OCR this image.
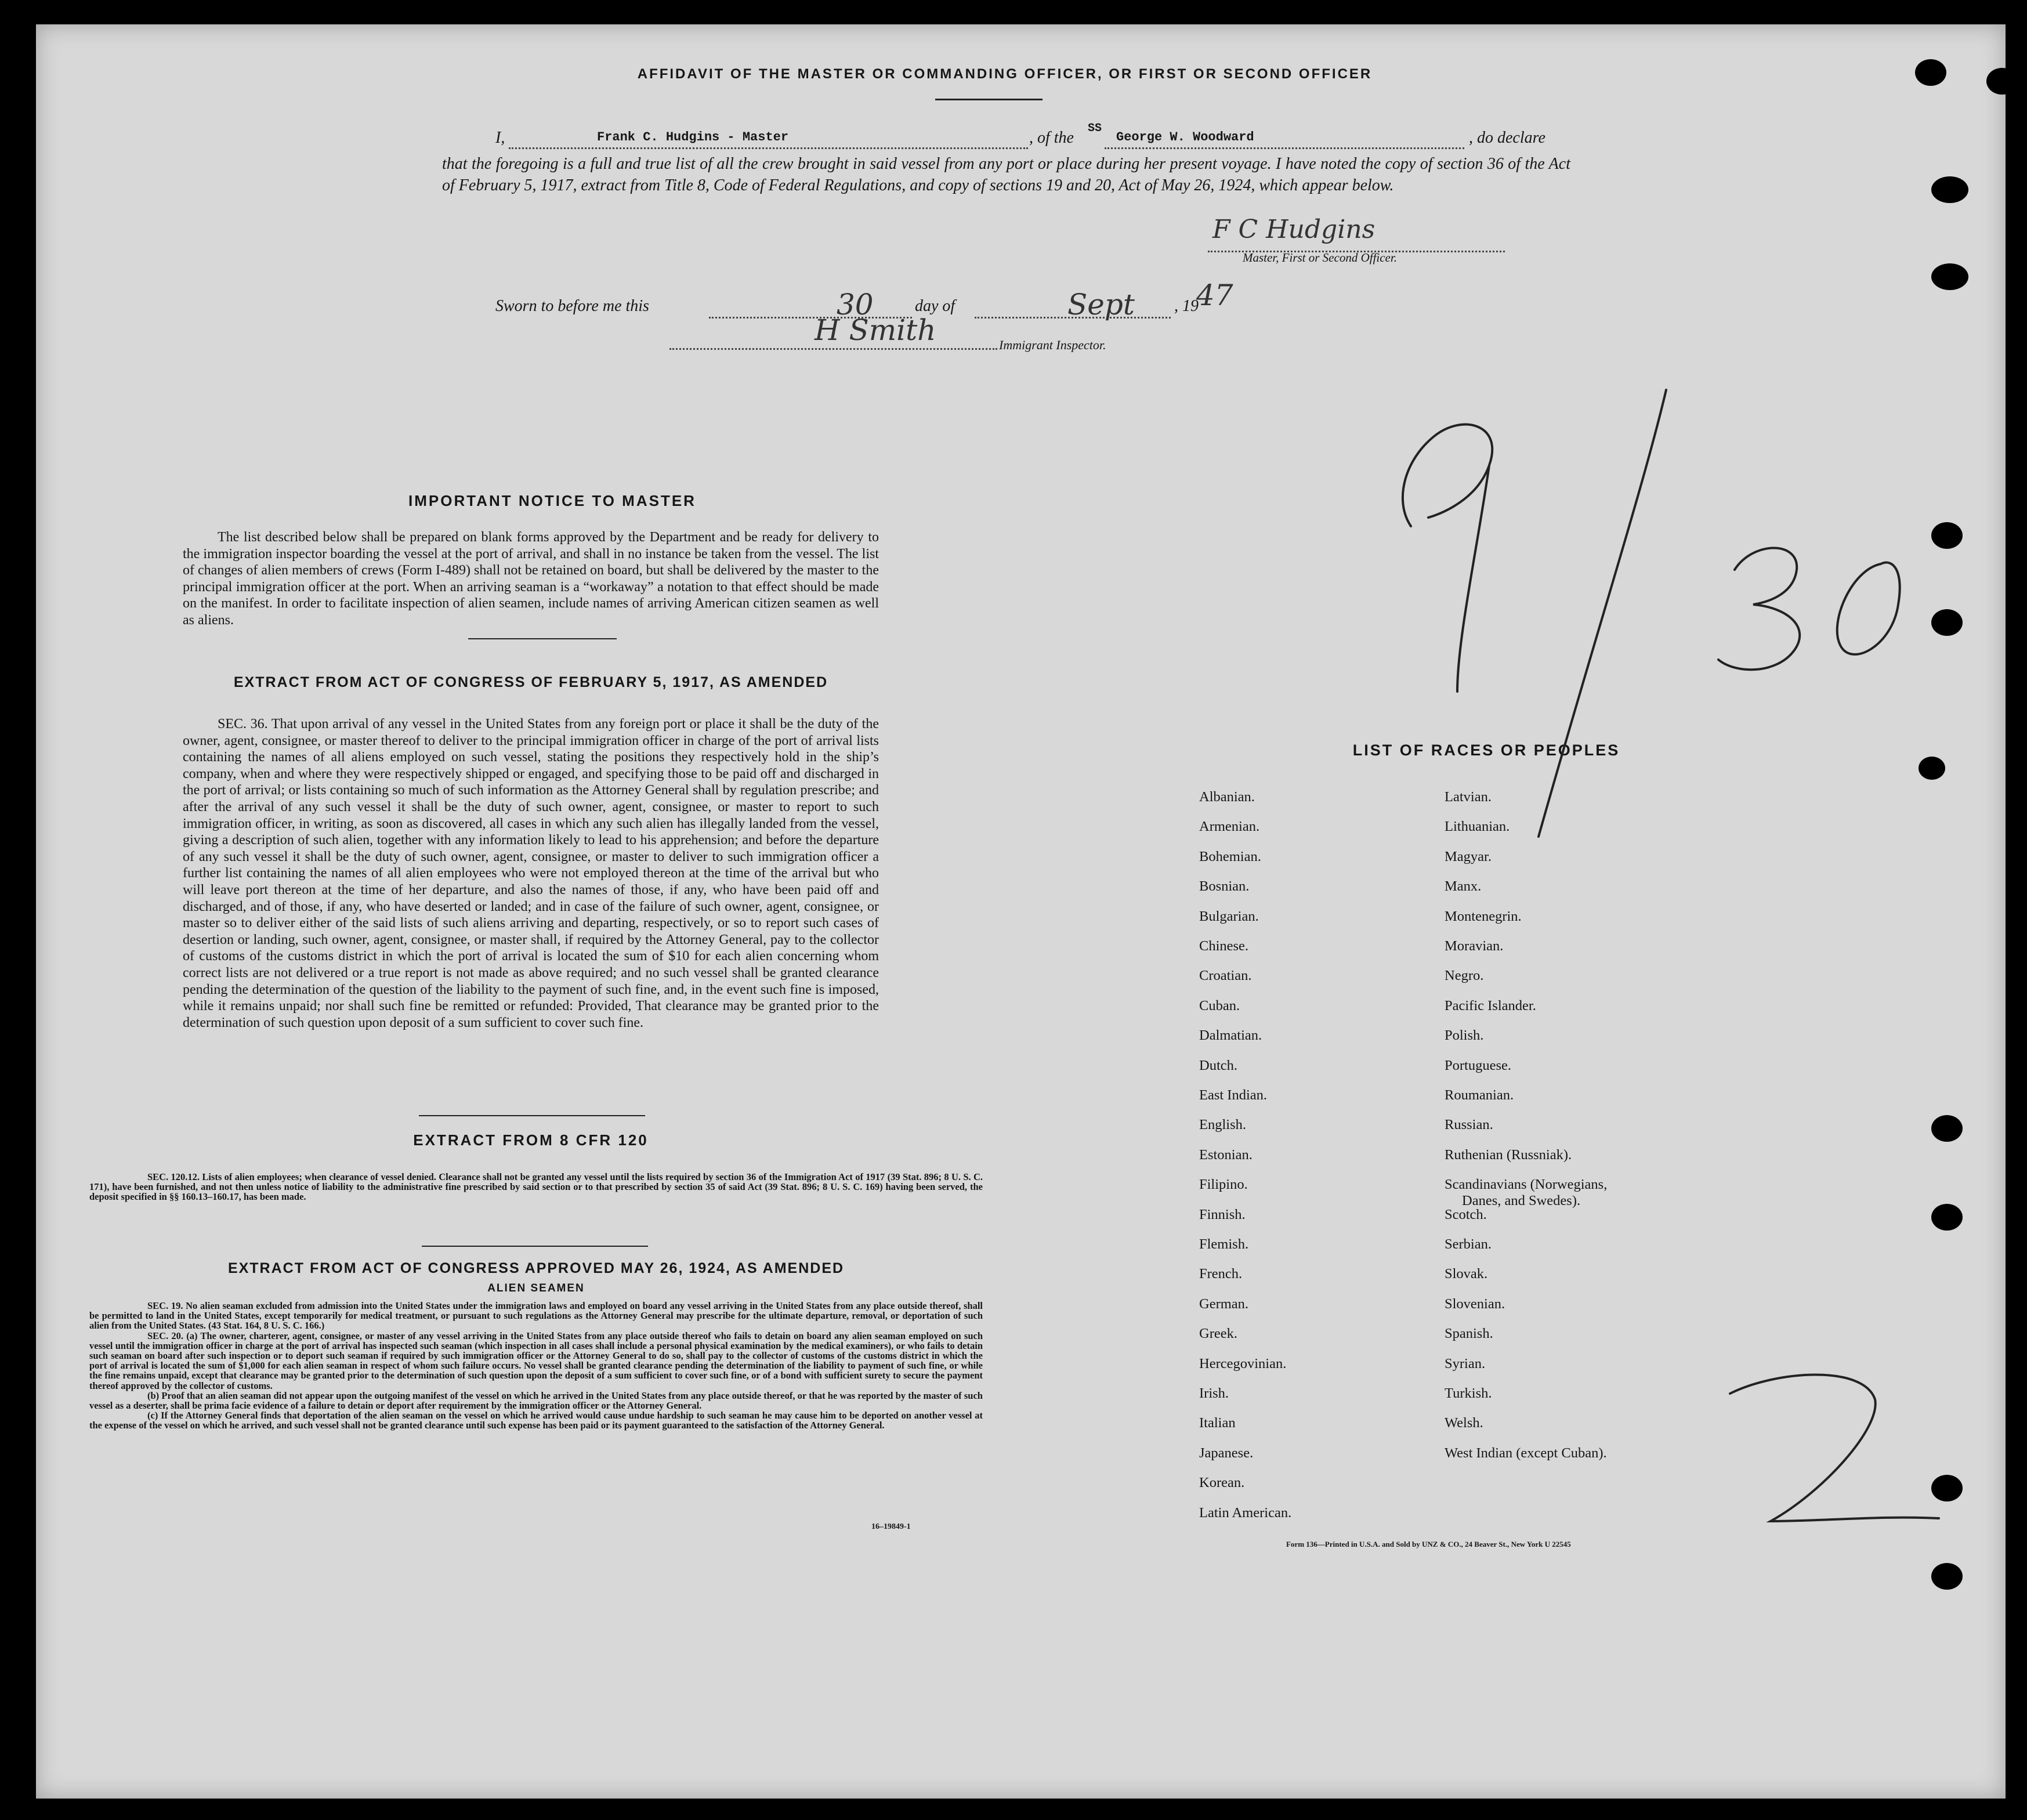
AFFIDAVIT OF THE MASTER OR COMMANDING OFFICER, OR FIRST OR SECOND OFFICER
I,	Frank C. Hudgins - Master	, of the
SS
George W. Woodward	, do declare
that the foregoing is a full and true list of all the crew brought in said vessel from any port or place during her present voyage. I have noted the copy of section 36 of the Act of February 5, 1917, extract from Title 8, Code of Federal Regulations, and copy of sections 19 and 20, Act of May 26, 1924, which appear below.
F C Hudgins
Master, First or Second Officer.
Sworn to before me this	30	day of	Sept , 19
47
H Smith	Immigrant Inspector.
IMPORTANT NOTICE TO MASTER
The list described below shall be prepared on blank forms approved by the Department and be ready for delivery to the immigration inspector boarding the vessel at the port of arrival, and shall in no instance be taken from the vessel. The list of changes of alien members of crews (Form I-489) shall not be retained on board, but shall be delivered by the master to the principal immigration officer at the port. When an arriving seaman is a “workaway” a notation to that effect should be made on the manifest. In order to facilitate inspection of alien seamen, include names of arriving American citizen seamen as well as aliens.
EXTRACT FROM ACT OF CONGRESS OF FEBRUARY 5, 1917, AS AMENDED
SEC. 36. That upon arrival of any vessel in the United States from any foreign port or place it shall be the duty of the owner, agent, consignee, or master thereof to deliver to the principal immigration officer in charge of the port of arrival lists containing the names of all aliens employed on such vessel, stating the positions they respectively hold in the ship’s company, when and where they were respectively shipped or engaged, and specifying those to be paid off and discharged in the port of arrival; or lists containing so much of such information as the Attorney General shall by regulation prescribe; and after the arrival of any such vessel it shall be the duty of such owner, agent, consignee, or master to report to such immigration officer, in writing, as soon as discovered, all cases in which any such alien has illegally landed from the vessel, giving a description of such alien, together with any information likely to lead to his apprehension; and before the departure of any such vessel it shall be the duty of such owner, agent, consignee, or master to deliver to such immigration officer a further list containing the names of all alien employees who were not employed thereon at the time of the arrival but who will leave port thereon at the time of her departure, and also the names of those, if any, who have been paid off and discharged, and of those, if any, who have deserted or landed; and in case of the failure of such owner, agent, consignee, or master so to deliver either of the said lists of such aliens arriving and departing, respectively, or so to report such cases of desertion or landing, such owner, agent, consignee, or master shall, if required by the Attorney General, pay to the collector of customs of the customs district in which the port of arrival is located the sum of $10 for each alien concerning whom correct lists are not delivered or a true report is not made as above required; and no such vessel shall be granted clearance pending the determination of the question of the liability to the payment of such fine, and, in the event such fine is imposed, while it remains unpaid; nor shall such fine be remitted or refunded: Provided, That clearance may be granted prior to the determination of such question upon deposit of a sum sufficient to cover such fine.
EXTRACT FROM 8 CFR 120
SEC. 120.12. Lists of alien employees; when clearance of vessel denied. Clearance shall not be granted any vessel until the lists required by section 36 of the Immigration Act of 1917 (39 Stat. 896; 8 U. S. C. 171), have been furnished, and not then unless notice of liability to the administrative fine prescribed by said section or to that prescribed by section 35 of said Act (39 Stat. 896; 8 U. S. C. 169) having been served, the deposit specified in §§ 160.13–160.17, has been made.
EXTRACT FROM ACT OF CONGRESS APPROVED MAY 26, 1924, AS AMENDED
ALIEN SEAMEN
SEC. 19. No alien seaman excluded from admission into the United States under the immigration laws and employed on board any vessel arriving in the United States from any place outside thereof, shall be permitted to land in the United States, except temporarily for medical treatment, or pursuant to such regulations as the Attorney General may prescribe for the ultimate departure, removal, or deportation of such alien from the United States. (43 Stat. 164, 8 U. S. C. 166.)
SEC. 20. (a) The owner, charterer, agent, consignee, or master of any vessel arriving in the United States from any place outside thereof who fails to detain on board any alien seaman employed on such vessel until the immigration officer in charge at the port of arrival has inspected such seaman (which inspection in all cases shall include a personal physical examination by the medical examiners), or who fails to detain such seaman on board after such inspection or to deport such seaman if required by such immigration officer or the Attorney General to do so, shall pay to the collector of customs of the customs district in which the port of arrival is located the sum of $1,000 for each alien seaman in respect of whom such failure occurs. No vessel shall be granted clearance pending the determination of the liability to payment of such fine, or while the fine remains unpaid, except that clearance may be granted prior to the determination of such question upon the deposit of a sum sufficient to cover such fine, or of a bond with sufficient surety to secure the payment thereof approved by the collector of customs.
(b) Proof that an alien seaman did not appear upon the outgoing manifest of the vessel on which he arrived in the United States from any place outside thereof, or that he was reported by the master of such vessel as a deserter, shall be prima facie evidence of a failure to detain or deport after requirement by the immigration officer or the Attorney General.
(c) If the Attorney General finds that deportation of the alien seaman on the vessel on which he arrived would cause undue hardship to such seaman he may cause him to be deported on another vessel at the expense of the vessel on which he arrived, and such vessel shall not be granted clearance until such expense has been paid or its payment guaranteed to the satisfaction of the Attorney General.
16–19849-1
LIST OF RACES OR PEOPLES
Albanian.
Armenian.
Bohemian.
Bosnian.
Bulgarian.
Chinese.
Croatian.
Cuban.
Dalmatian.
Dutch.
East Indian.
English.
Estonian.
Filipino.
Finnish.
Flemish.
French.
German.
Greek.
Hercegovinian.
Irish.
Italian
Japanese.
Korean.
Latin American.
Latvian.
Lithuanian.
Magyar.
Manx.
Montenegrin.
Moravian.
Negro.
Pacific Islander.
Polish.
Portuguese.
Roumanian.
Russian.
Ruthenian (Russniak).
Scandinavians (Norwegians,
Danes, and Swedes).
Scotch.
Serbian.
Slovak.
Slovenian.
Spanish.
Syrian.
Turkish.
Welsh.
West Indian (except Cuban).
Form 136—Printed in U.S.A. and Sold by UNZ & CO., 24 Beaver St., New York U 22545
